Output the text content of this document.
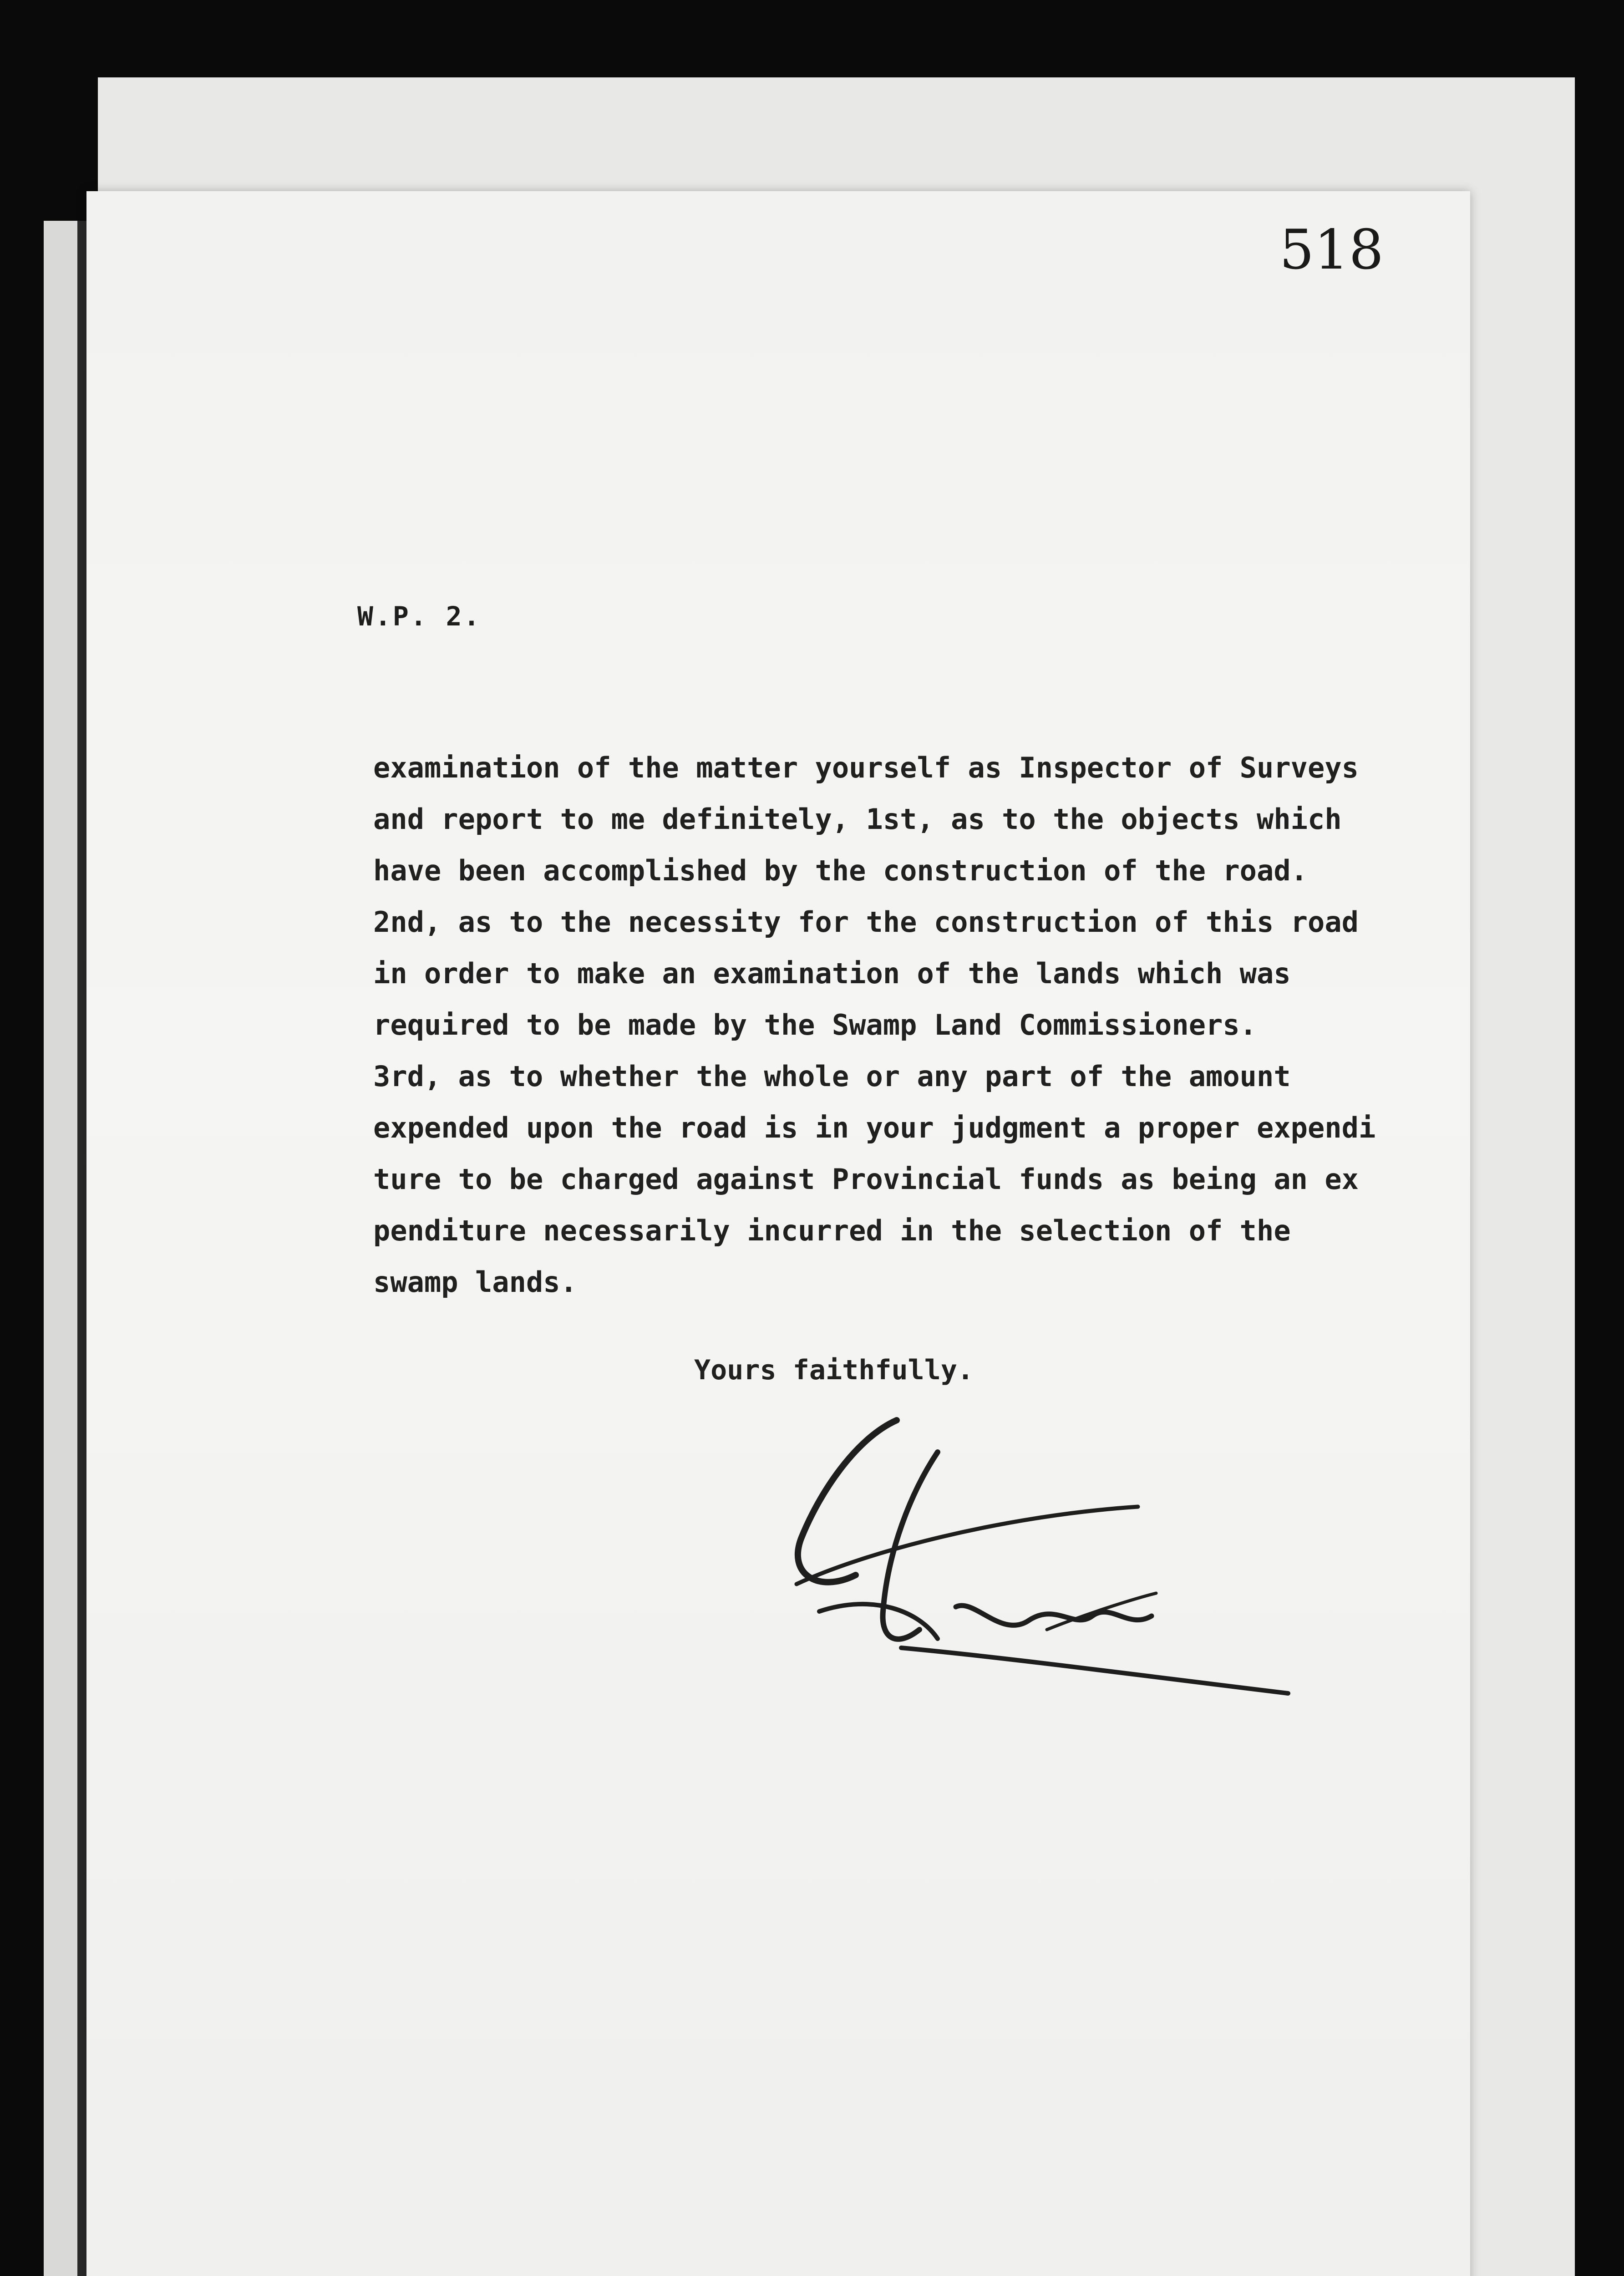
518
W.P. 2.
examination of the matter yourself as Inspector of Surveys
and report to me definitely, 1st, as to the objects which
have been accomplished by the construction of the road.
2nd, as to the necessity for the construction of this road
in order to make an examination of the lands which was
required to be made by the Swamp Land Commissioners.
3rd, as to whether the whole or any part of the amount
expended upon the road is in your judgment a proper expendi
ture to be charged against Provincial funds as being an ex
penditure necessarily incurred in the selection of the
swamp lands.
Yours faithfully.
